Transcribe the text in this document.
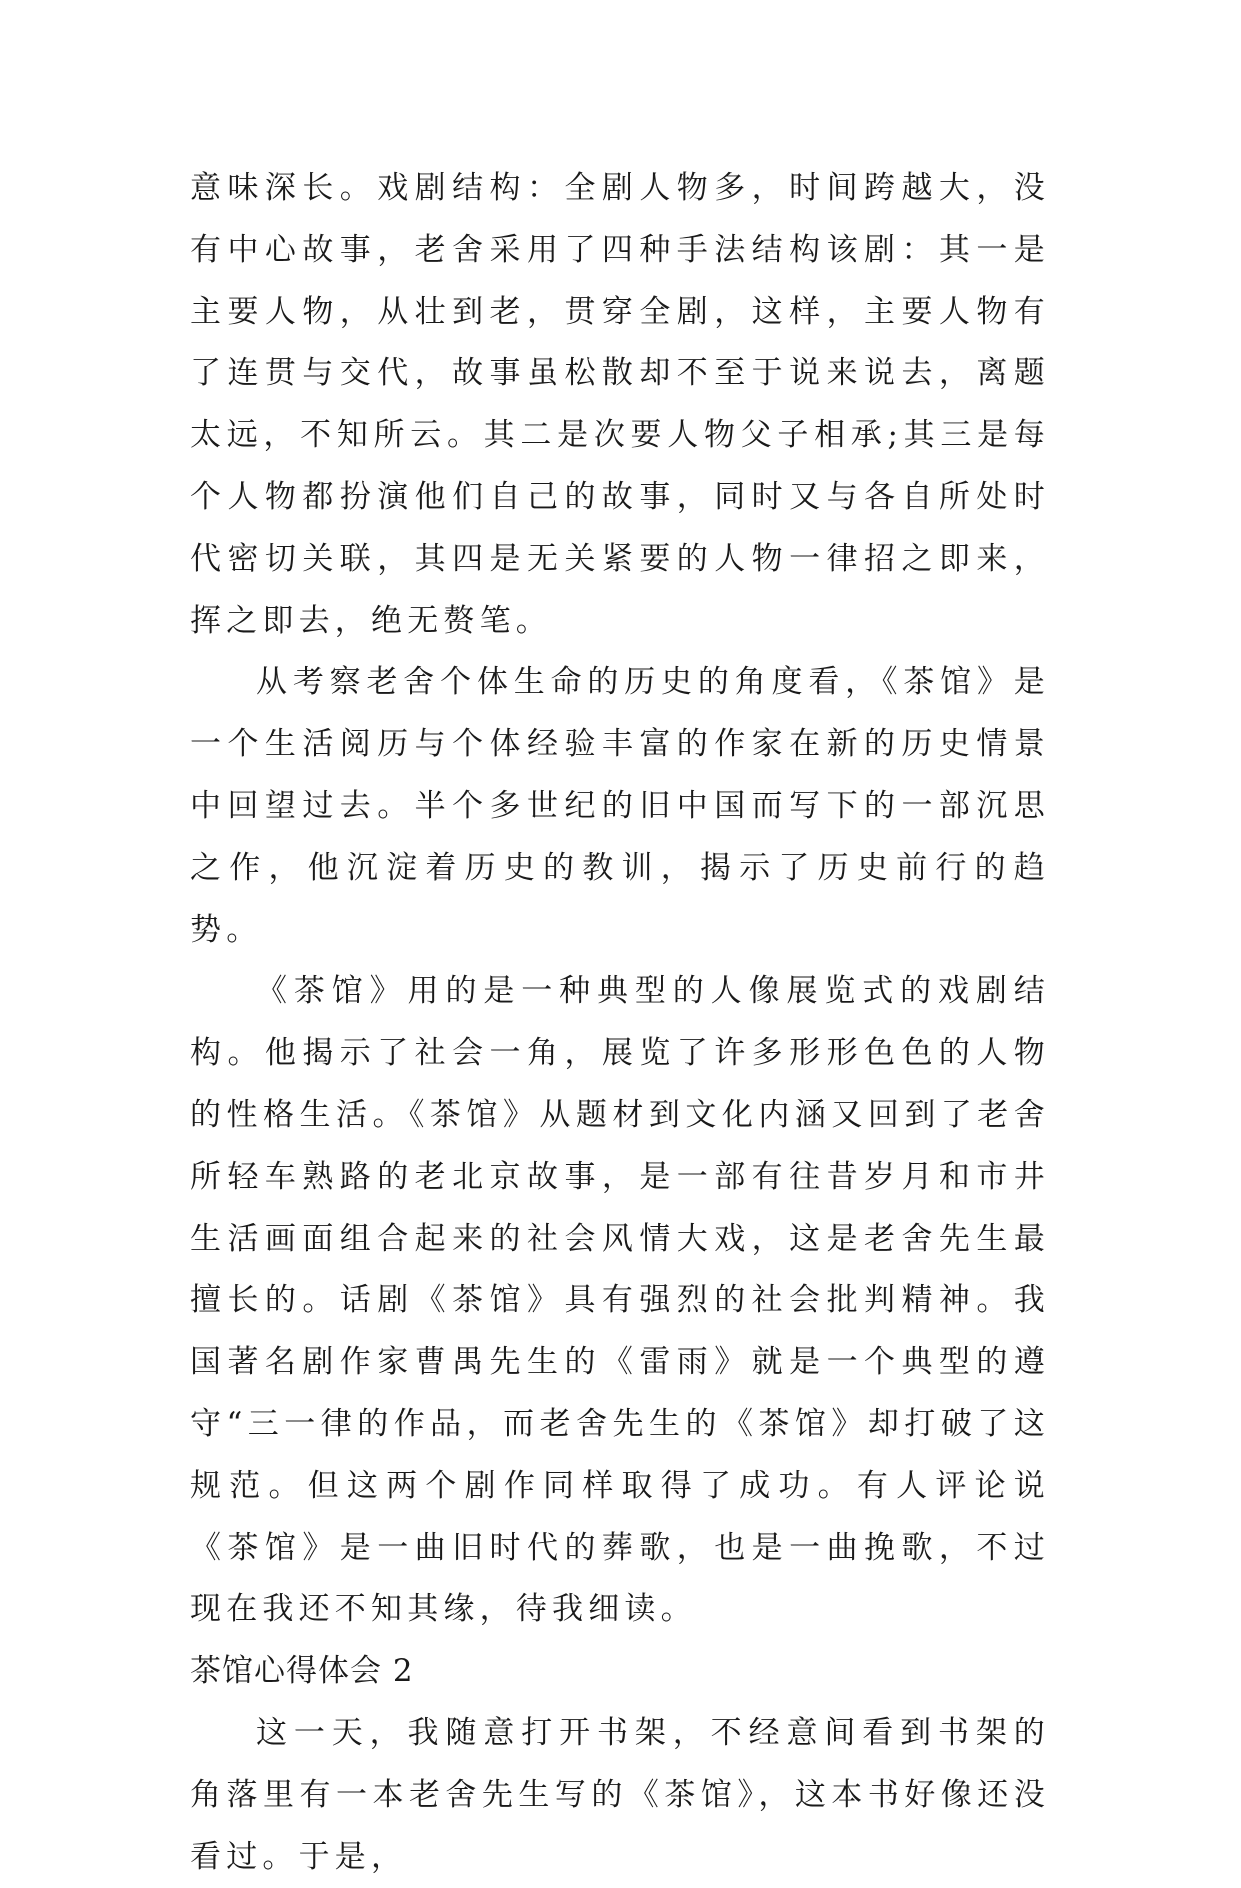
意味深长。戏剧结构：全剧人物多，时间跨越大，没有中心故事，老舍采用了四种手法结构该剧：其一是主要人物，从壮到老，贯穿全剧，这样，主要人物有了连贯与交代，故事虽松散却不至于说来说去，离题太远，不知所云。其二是次要人物父子相承;其三是每个人物都扮演他们自己的故事，同时又与各自所处时代密切关联，其四是无关紧要的人物一律招之即来，挥之即去，绝无赘笔。

从考察老舍个体生命的历史的角度看，《茶馆》是一个生活阅历与个体经验丰富的作家在新的历史情景中回望过去。半个多世纪的旧中国而写下的一部沉思之作，他沉淀着历史的教训，揭示了历史前行的趋势。

《茶馆》用的是一种典型的人像展览式的戏剧结构。他揭示了社会一角，展览了许多形形色色的人物的性格生活。《茶馆》从题材到文化内涵又回到了老舍所轻车熟路的老北京故事，是一部有往昔岁月和市井生活画面组合起来的社会风情大戏，这是老舍先生最擅长的。话剧《茶馆》具有强烈的社会批判精神。我国著名剧作家曹禺先生的《雷雨》就是一个典型的遵守“三一律的作品，而老舍先生的《茶馆》却打破了这规范。但这两个剧作同样取得了成功。有人评论说《茶馆》是一曲旧时代的葬歌，也是一曲挽歌，不过现在我还不知其缘，待我细读。

茶馆心得体会 2

这一天，我随意打开书架，不经意间看到书架的角落里有一本老舍先生写的《茶馆》，这本书好像还没看过。于是，
